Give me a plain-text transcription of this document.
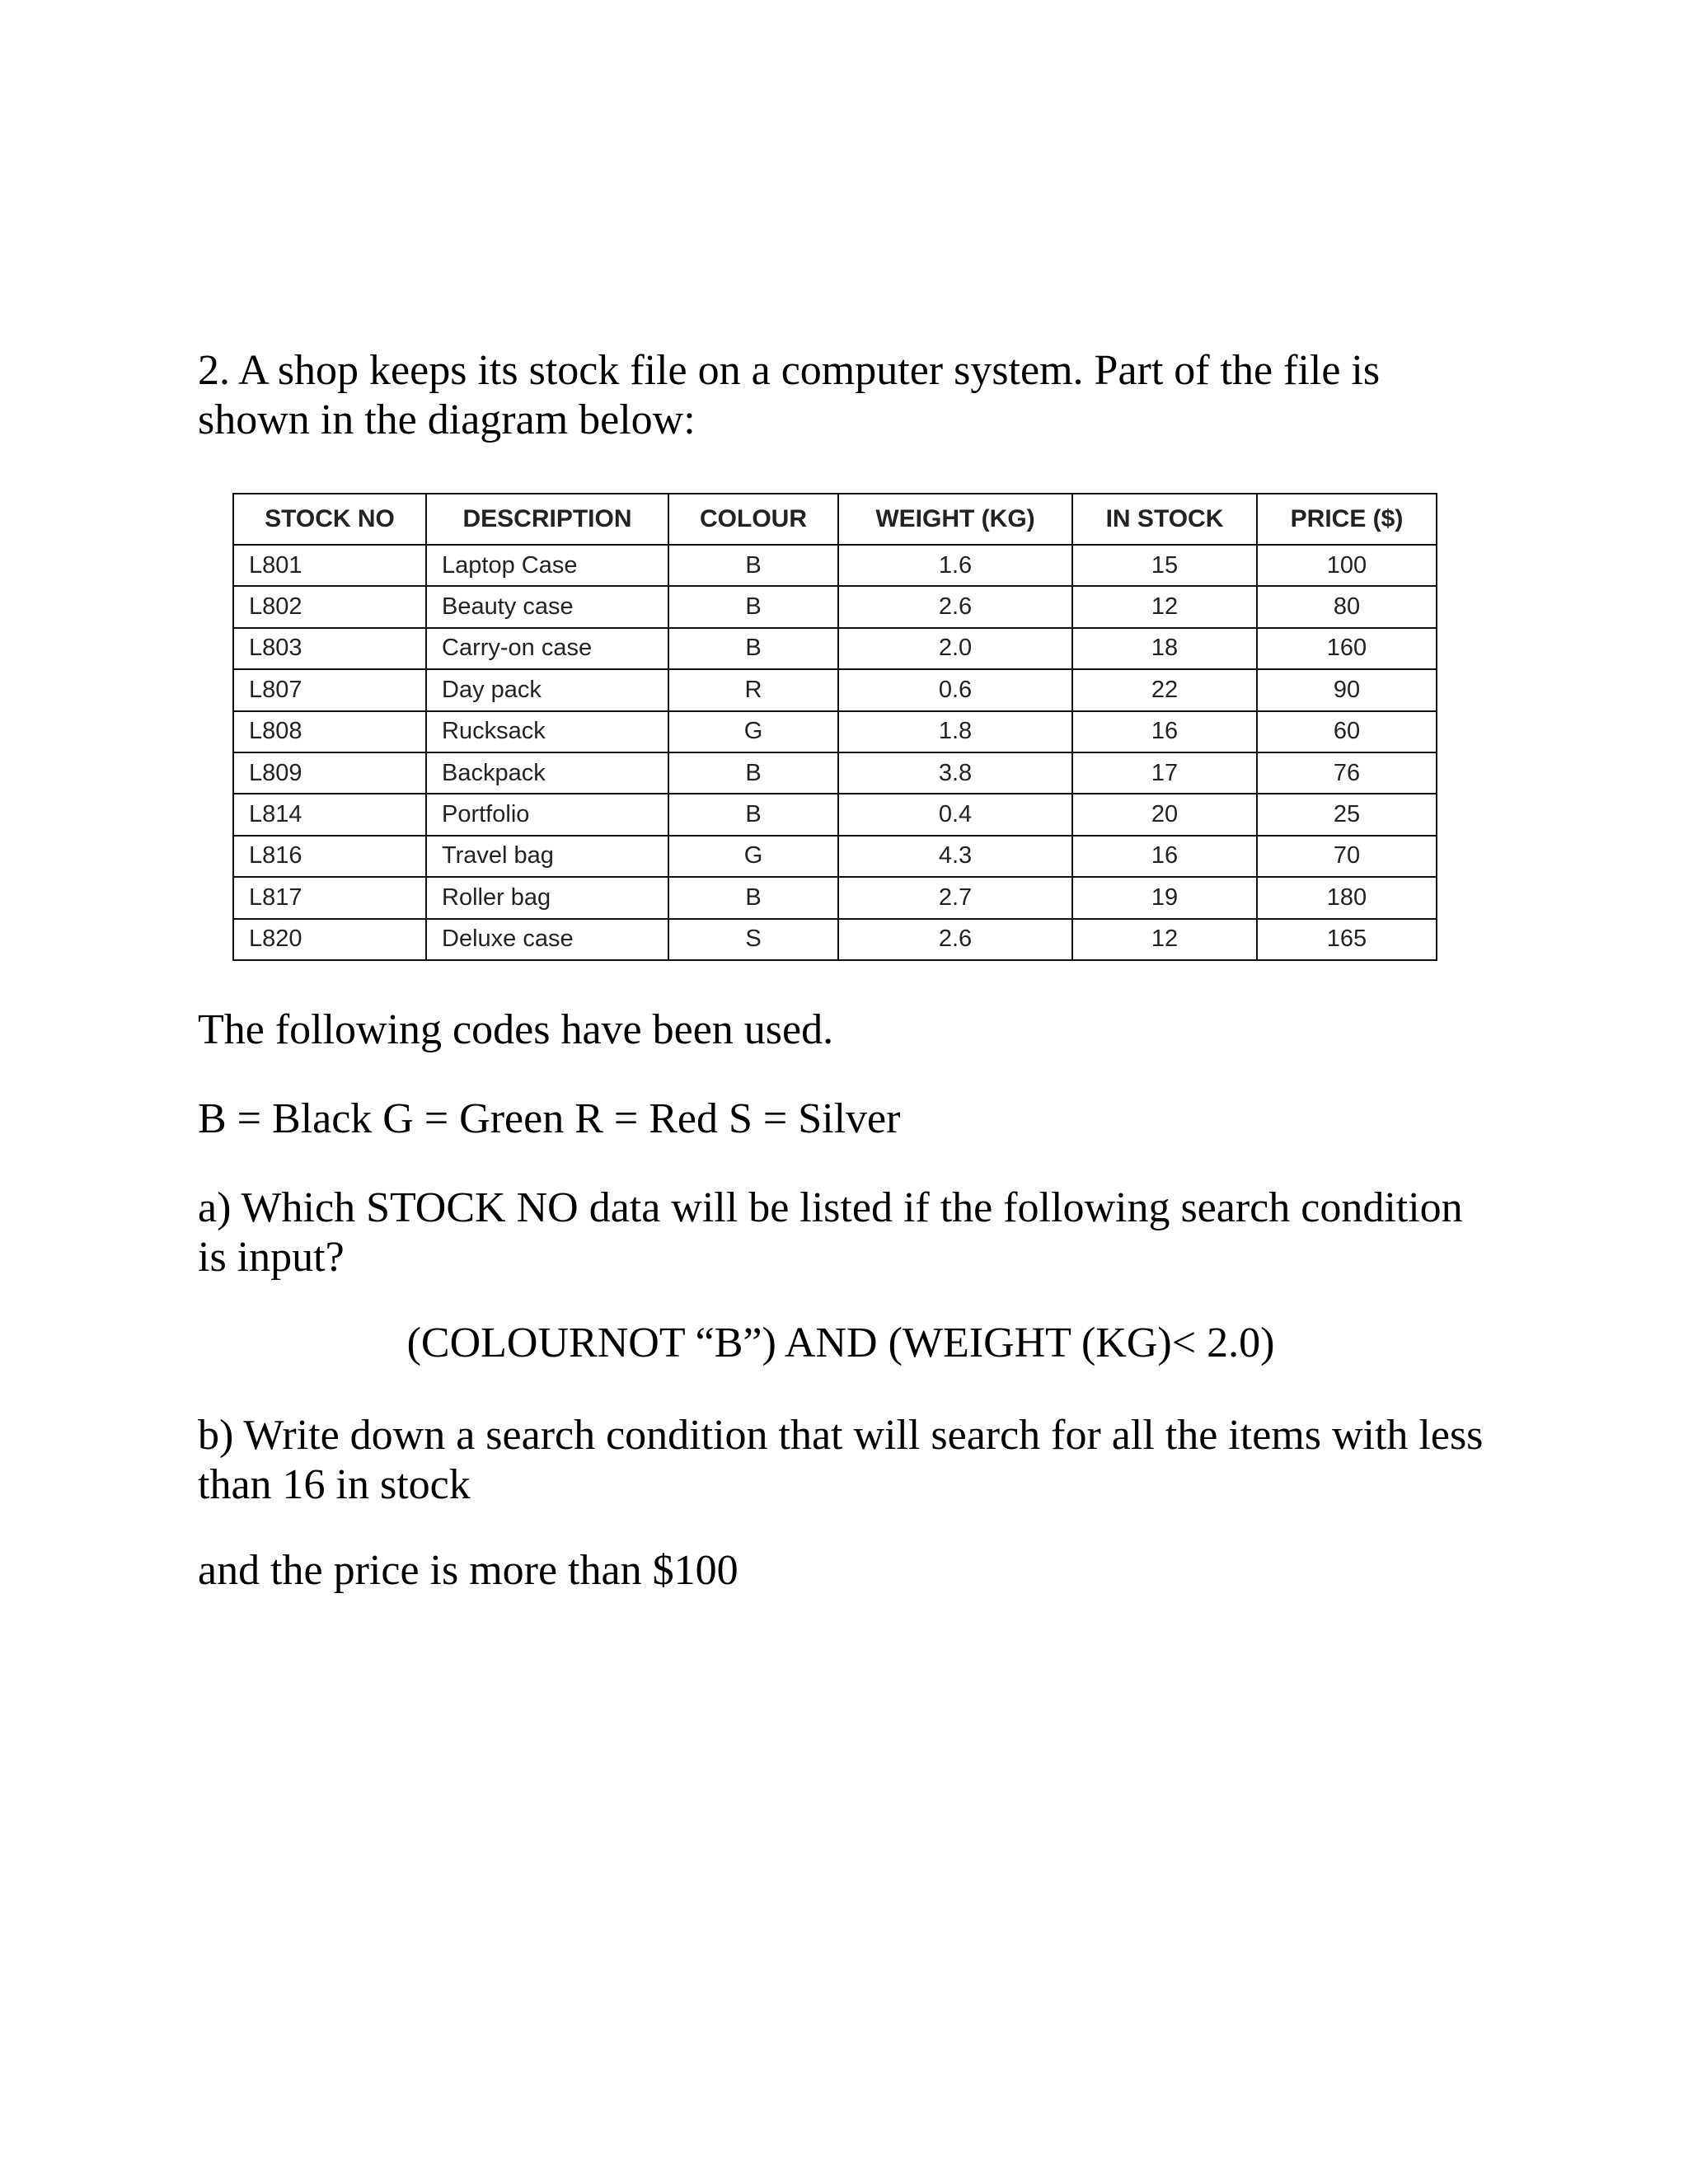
2. A shop keeps its stock file on a computer system. Part of the file is shown in the diagram below:

STOCK NO	DESCRIPTION	COLOUR	WEIGHT (KG)	IN STOCK	PRICE ($)
L801	Laptop Case	B	1.6	15	100
L802	Beauty case	B	2.6	12	80
L803	Carry-on case	B	2.0	18	160
L807	Day pack	R	0.6	22	90
L808	Rucksack	G	1.8	16	60
L809	Backpack	B	3.8	17	76
L814	Portfolio	B	0.4	20	25
L816	Travel bag	G	4.3	16	70
L817	Roller bag	B	2.7	19	180
L820	Deluxe case	S	2.6	12	165

The following codes have been used.

B = Black G = Green R = Red S = Silver

a) Which STOCK NO data will be listed if the following search condition is input?

(COLOURNOT “B”) AND (WEIGHT (KG)< 2.0)

b) Write down a search condition that will search for all the items with less than 16 in stock

and the price is more than $100
